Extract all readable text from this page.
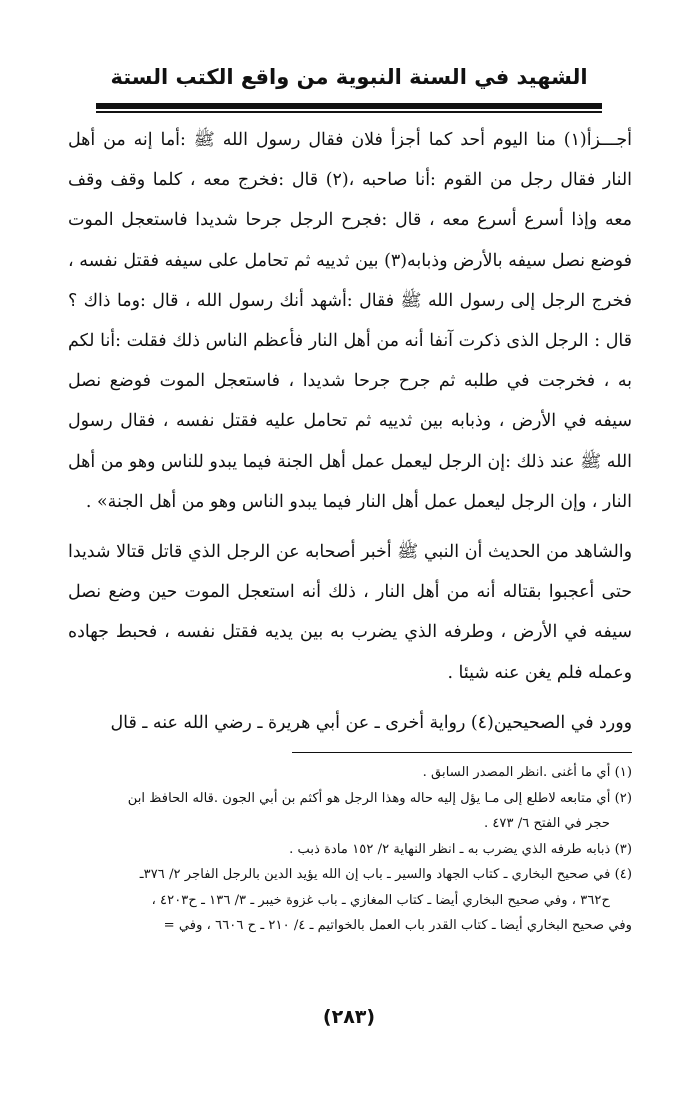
الشهيد في السنة النبوية من واقع الكتب الستة

أجـــزأ(١) منا اليوم أحد كما أجزأ فلان فقال رسول الله ﷺ :أما إنه من أهل النار فقال رجل من القوم :أنا صاحبه ،(٢) قال :فخرج معه ، كلما وقف وقف معه وإذا أسرع أسرع معه ، قال :فجرح الرجل جرحا شديدا فاستعجل الموت فوضع نصل سيفه بالأرض وذبابه(٣) بين ثدييه ثم تحامل على سيفه فقتل نفسه ، فخرج الرجل إلى رسول الله ﷺ فقال :أشهد أنك رسول الله ، قال :وما ذاك ؟ قال : الرجل الذى ذكرت آنفا أنه من أهل النار فأعظم الناس ذلك فقلت :أنا لكم به ، فخرجت في طلبه ثم جرح جرحا شديدا ، فاستعجل الموت فوضع نصل سيفه في الأرض ، وذبابه بين ثدييه ثم تحامل عليه فقتل نفسه ، فقال رسول الله ﷺ عند ذلك :إن الرجل ليعمل عمل أهل الجنة فيما يبدو للناس وهو من أهل النار ، وإن الرجل ليعمل عمل أهل النار فيما يبدو الناس وهو من أهل الجنة» .

والشاهد من الحديث أن النبي ﷺ أخبر أصحابه عن الرجل الذي قاتل قتالا شديدا حتى أعجبوا بقتاله أنه من أهل النار ، ذلك أنه استعجل الموت حين وضع نصل سيفه في الأرض ، وطرفه الذي يضرب به بين يديه فقتل نفسه ، فحبط جهاده وعمله فلم يغن عنه شيئا .

وورد في الصحيحين(٤) رواية أخرى ـ عن أبي هريرة ـ رضي الله عنه ـ قال

(١) أي ما أغنى .انظر المصدر السابق .

(٢) أي متابعه لاطلع إلى مـا يؤل إليه حاله وهذا الرجل هو أكثم بن أبي الجون .قاله الحافظ ابن

حجر في الفتح ٦/ ٤٧٣ .

(٣) ذبابه طرفه الذي يضرب به ـ انظر النهاية ٢/ ١٥٢ مادة ذبب .

(٤) في صحيح البخاري ـ كتاب الجهاد والسير ـ باب إن الله يؤيد الدين بالرجل الفاجر ٢/ ٣٧٦ـ

ح٣٦٢ ، وفي صحيح البخاري أيضا ـ كتاب المغازي ـ باب غزوة خيبر ـ ٣/ ١٣٦ ـ ح٤٢٠٣ ،

وفي صحيح البخاري أيضا ـ كتاب القدر باب العمل بالخواتيم ـ ٤/ ٢١٠ ـ ح ٦٦٠٦ ، وفي =

(٢٨٣)
